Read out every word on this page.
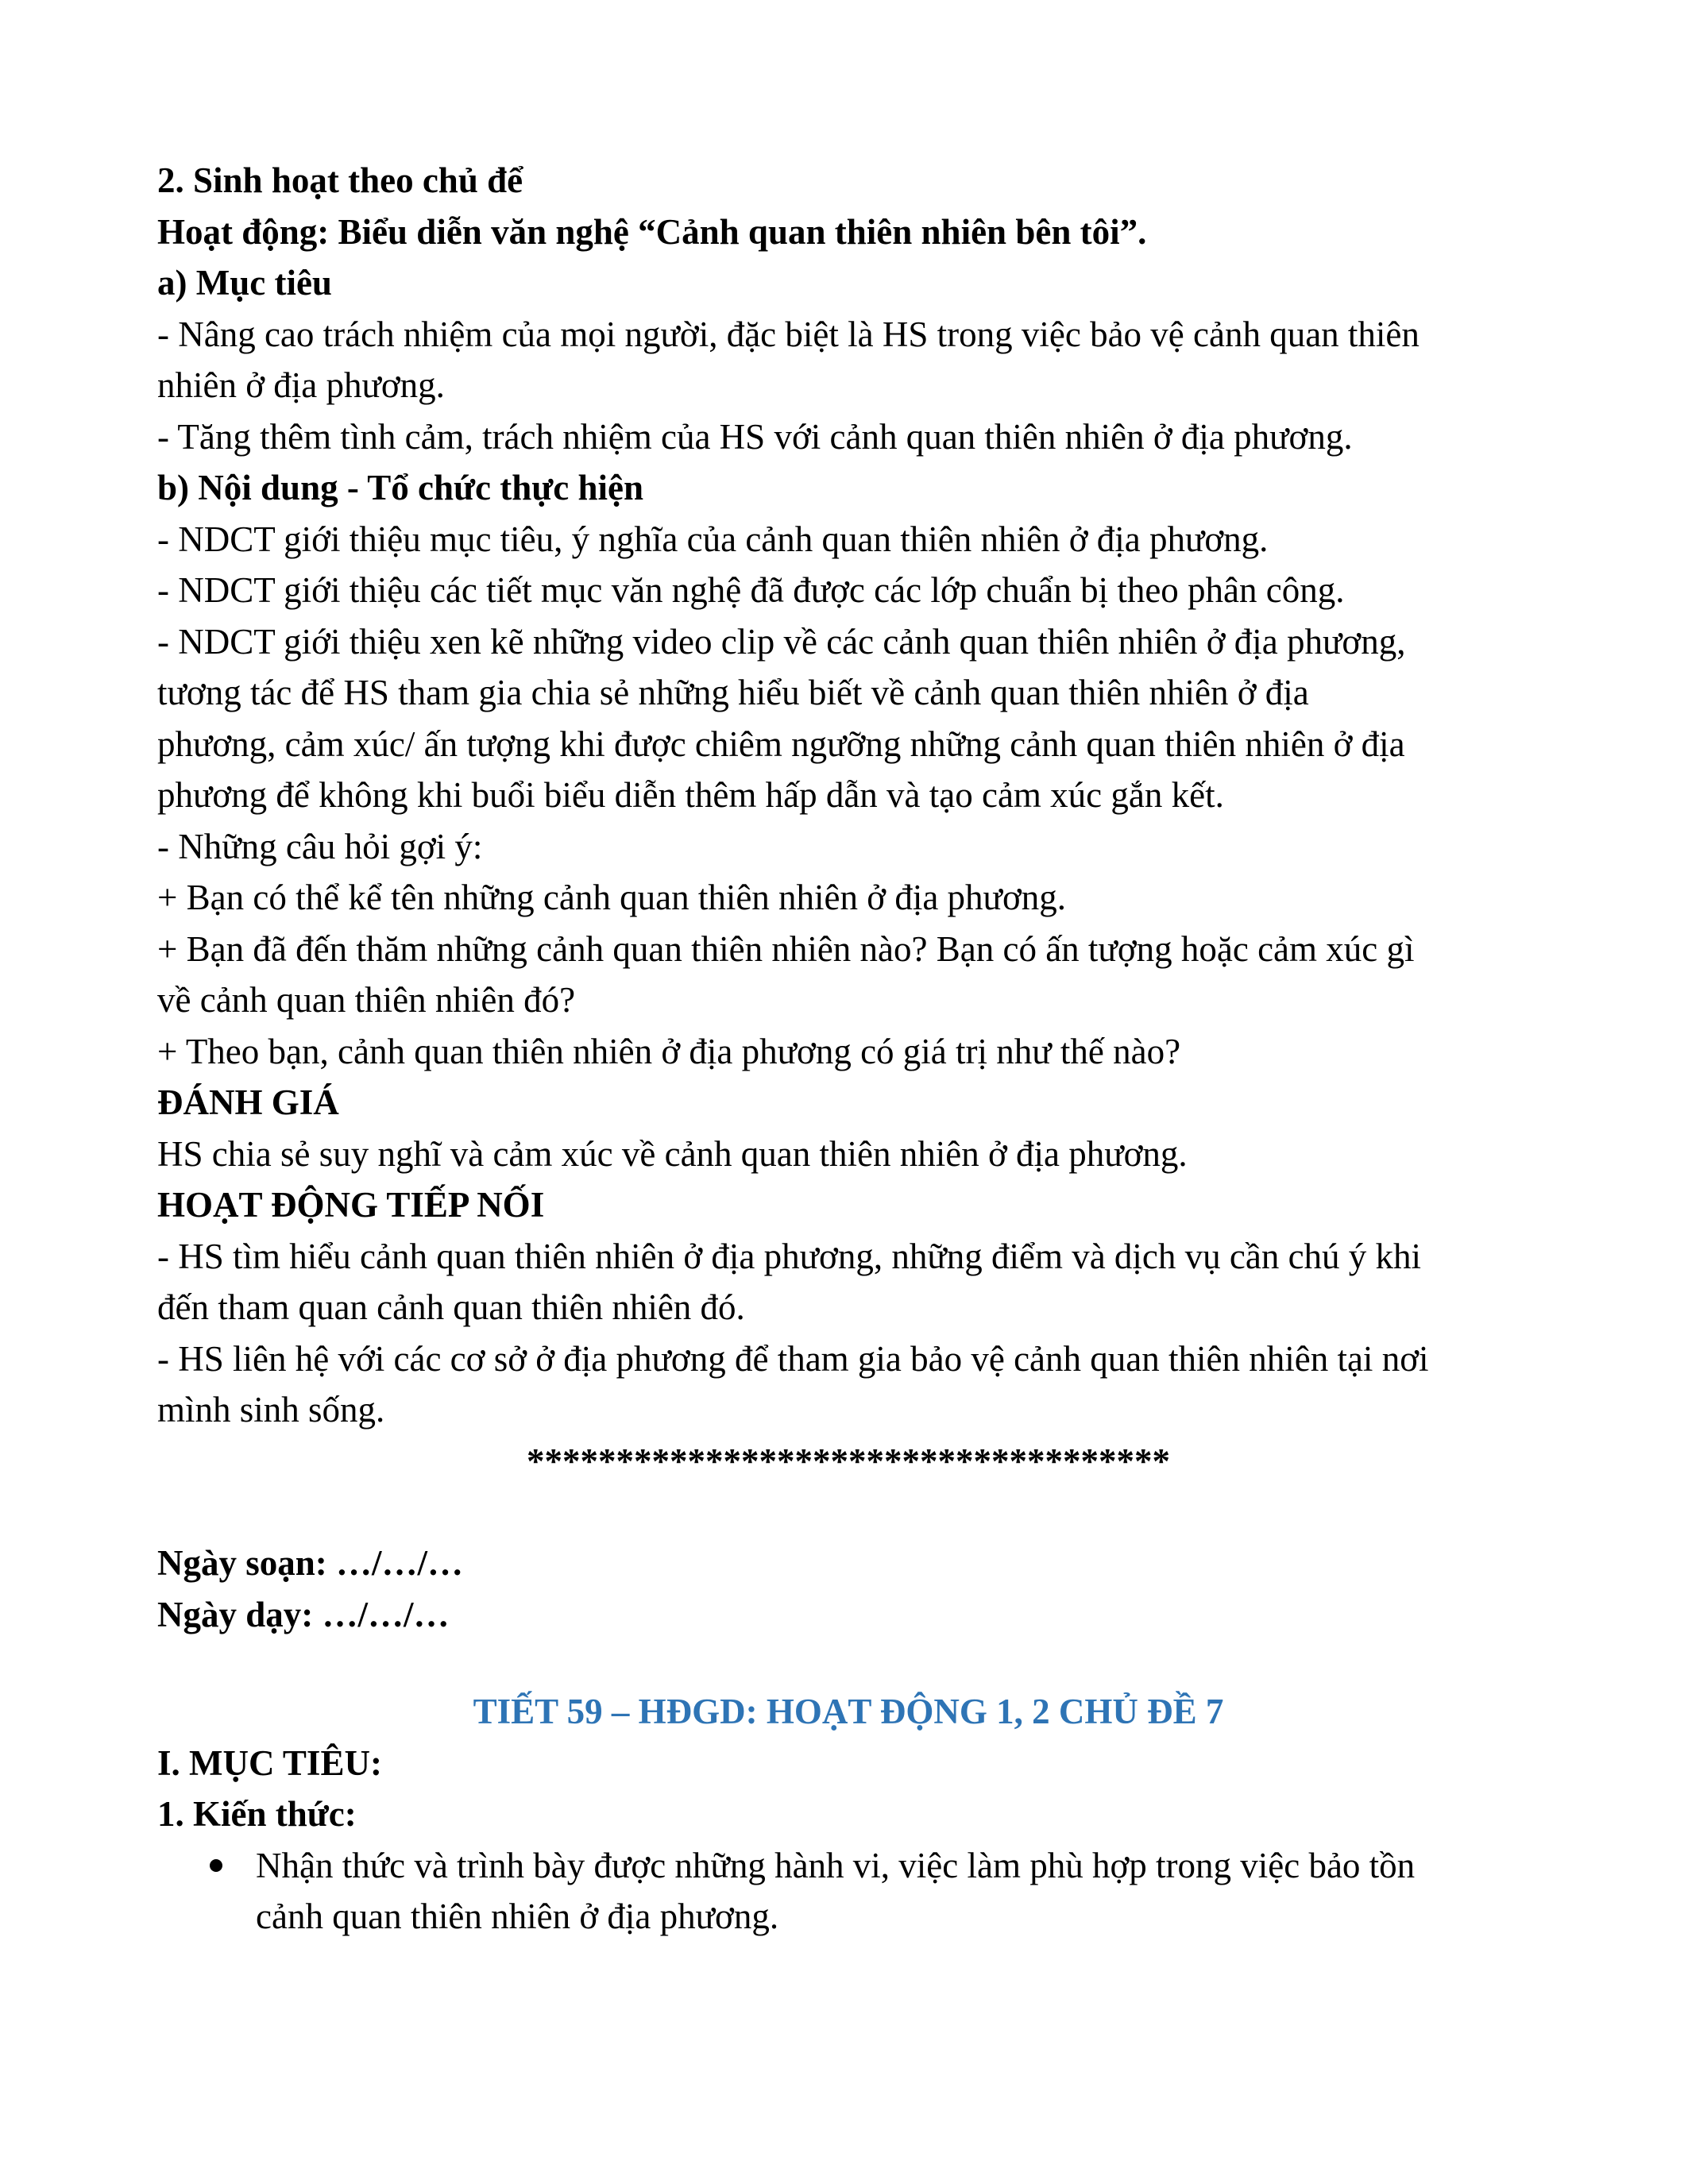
2. Sinh hoạt theo chủ để
Hoạt động: Biểu diễn văn nghệ “Cảnh quan thiên nhiên bên tôi”.
a) Mục tiêu
- Nâng cao trách nhiệm của mọi người, đặc biệt là HS trong việc bảo vệ cảnh quan thiên
nhiên ở địa phương.
- Tăng thêm tình cảm, trách nhiệm của HS với cảnh quan thiên nhiên ở địa phương.
b) Nội dung - Tổ chức thực hiện
- NDCT giới thiệu mục tiêu, ý nghĩa của cảnh quan thiên nhiên ở địa phương.
- NDCT giới thiệu các tiết mục văn nghệ đã được các lớp chuẩn bị theo phân công.
- NDCT giới thiệu xen kẽ những video clip về các cảnh quan thiên nhiên ở địa phương,
tương tác để HS tham gia chia sẻ những hiểu biết về cảnh quan thiên nhiên ở địa
phương, cảm xúc/ ấn tượng khi được chiêm ngưỡng những cảnh quan thiên nhiên ở địa
phương để không khi buổi biểu diễn thêm hấp dẫn và tạo cảm xúc gắn kết.
- Những câu hỏi gợi ý:
+ Bạn có thể kể tên những cảnh quan thiên nhiên ở địa phương.
+ Bạn đã đến thăm những cảnh quan thiên nhiên nào? Bạn có ấn tượng hoặc cảm xúc gì
về cảnh quan thiên nhiên đó?
+ Theo bạn, cảnh quan thiên nhiên ở địa phương có giá trị như thế nào?
ĐÁNH GIÁ
HS chia sẻ suy nghĩ và cảm xúc về cảnh quan thiên nhiên ở địa phương.
HOẠT ĐỘNG TIẾP NỐI
- HS tìm hiểu cảnh quan thiên nhiên ở địa phương, những điểm và dịch vụ cần chú ý khi
đến tham quan cảnh quan thiên nhiên đó.
- HS liên hệ với các cơ sở ở địa phương để tham gia bảo vệ cảnh quan thiên nhiên tại nơi
mình sinh sống.
************************************
Ngày soạn: …/…/…
Ngày dạy: …/…/…
TIẾT 59 – HĐGD: HOẠT ĐỘNG 1, 2 CHỦ ĐỀ 7
I. MỤC TIÊU:
1. Kiến thức:
Nhận thức và trình bày được những hành vi, việc làm phù hợp trong việc bảo tồn
cảnh quan thiên nhiên ở địa phương.
